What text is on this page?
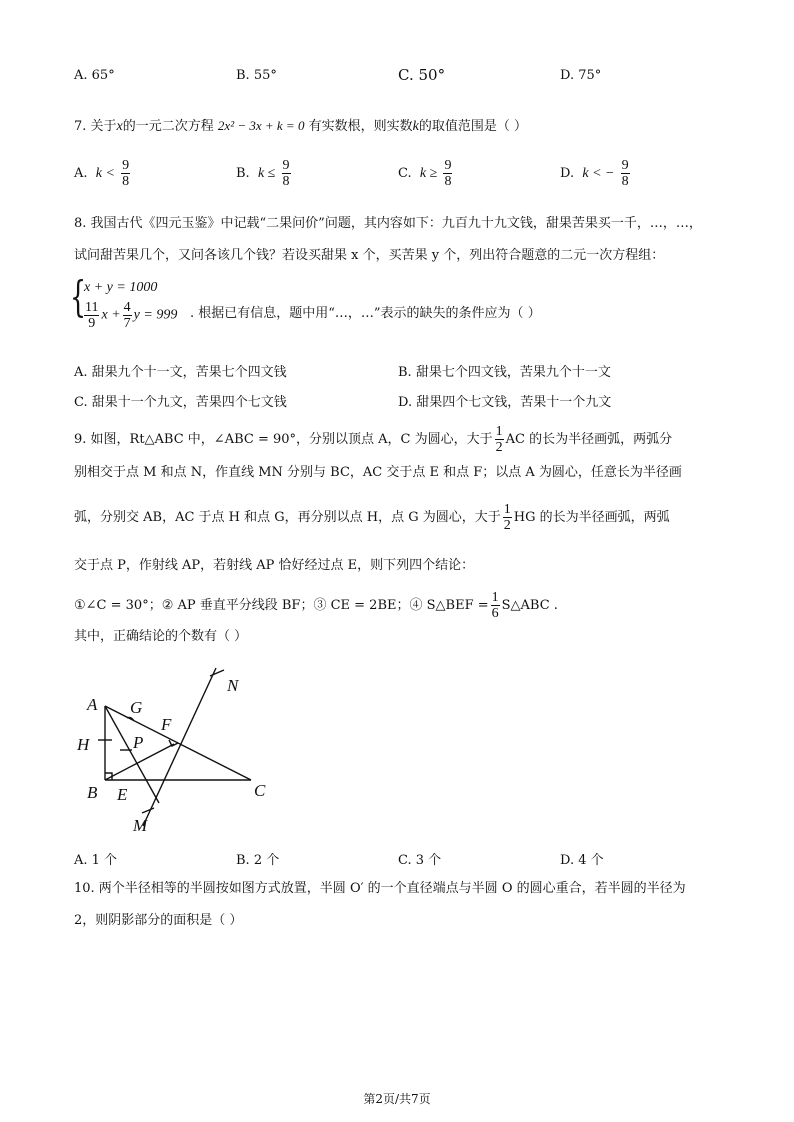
A. 65°	B. 55°	C. 50°	D. 75°
7. 关于x的一元二次方程 2x² − 3x + k = 0 有实数根，则实数k的取值范围是（ ）
A. $k < \frac{9}{8}$	B. $k \le \frac{9}{8}$	C. $k \ge \frac{9}{8}$	D. k < − $\frac{9}{8}$
8. 我国古代《四元玉鉴》中记载“二果问价”问题，其内容如下：九百九十九文钱，甜果苦果买一千，…，…，
试问甜苦果几个，又问各该几个钱？若设买甜果 x 个，买苦果 y 个，列出符合题意的二元一次方程组：
{
x + y = 1000
$\frac{11}{9}$ $x + \frac{4}{7}$ y = 999 . 根据已有信息，题中用“…，…”表示的缺失的条件应为（ ）
A. 甜果九个十一文，苦果七个四文钱	B. 甜果七个四文钱，苦果九个十一文
C. 甜果十一个九文，苦果四个七文钱	D. 甜果四个七文钱，苦果十一个九文
9. 如图，Rt△ABC 中，∠ABC = 90°，分别以顶点 A，C 为圆心，大于 $\frac{1}{2}$ AC 的长为半径画弧，两弧分
别相交于点 M 和点 N，作直线 MN 分别与 BC，AC 交于点 E 和点 F；以点 A 为圆心，任意长为半径画
弧，分别交 AB，AC 于点 H 和点 G，再分别以点 H，点 G 为圆心，大于 $\frac{1}{2}$ HG 的长为半径画弧，两弧
交于点 P，作射线 AP，若射线 AP 恰好经过点 E，则下列四个结论：
①∠C = 30°；② AP 垂直平分线段 BF；③ CE = 2BE；④ S△BEF = $\frac{1}{6}$ S△ABC .
其中，正确结论的个数有（ ）
A
B	C
E
F
G
H
M
N
P
A. 1 个	B. 2 个	C. 3 个	D. 4 个
10. 两个半径相等的半圆按如图方式放置，半圆 O′ 的一个直径端点与半圆 O 的圆心重合，若半圆的半径为
2，则阴影部分的面积是（ ）
第2页/共7页
